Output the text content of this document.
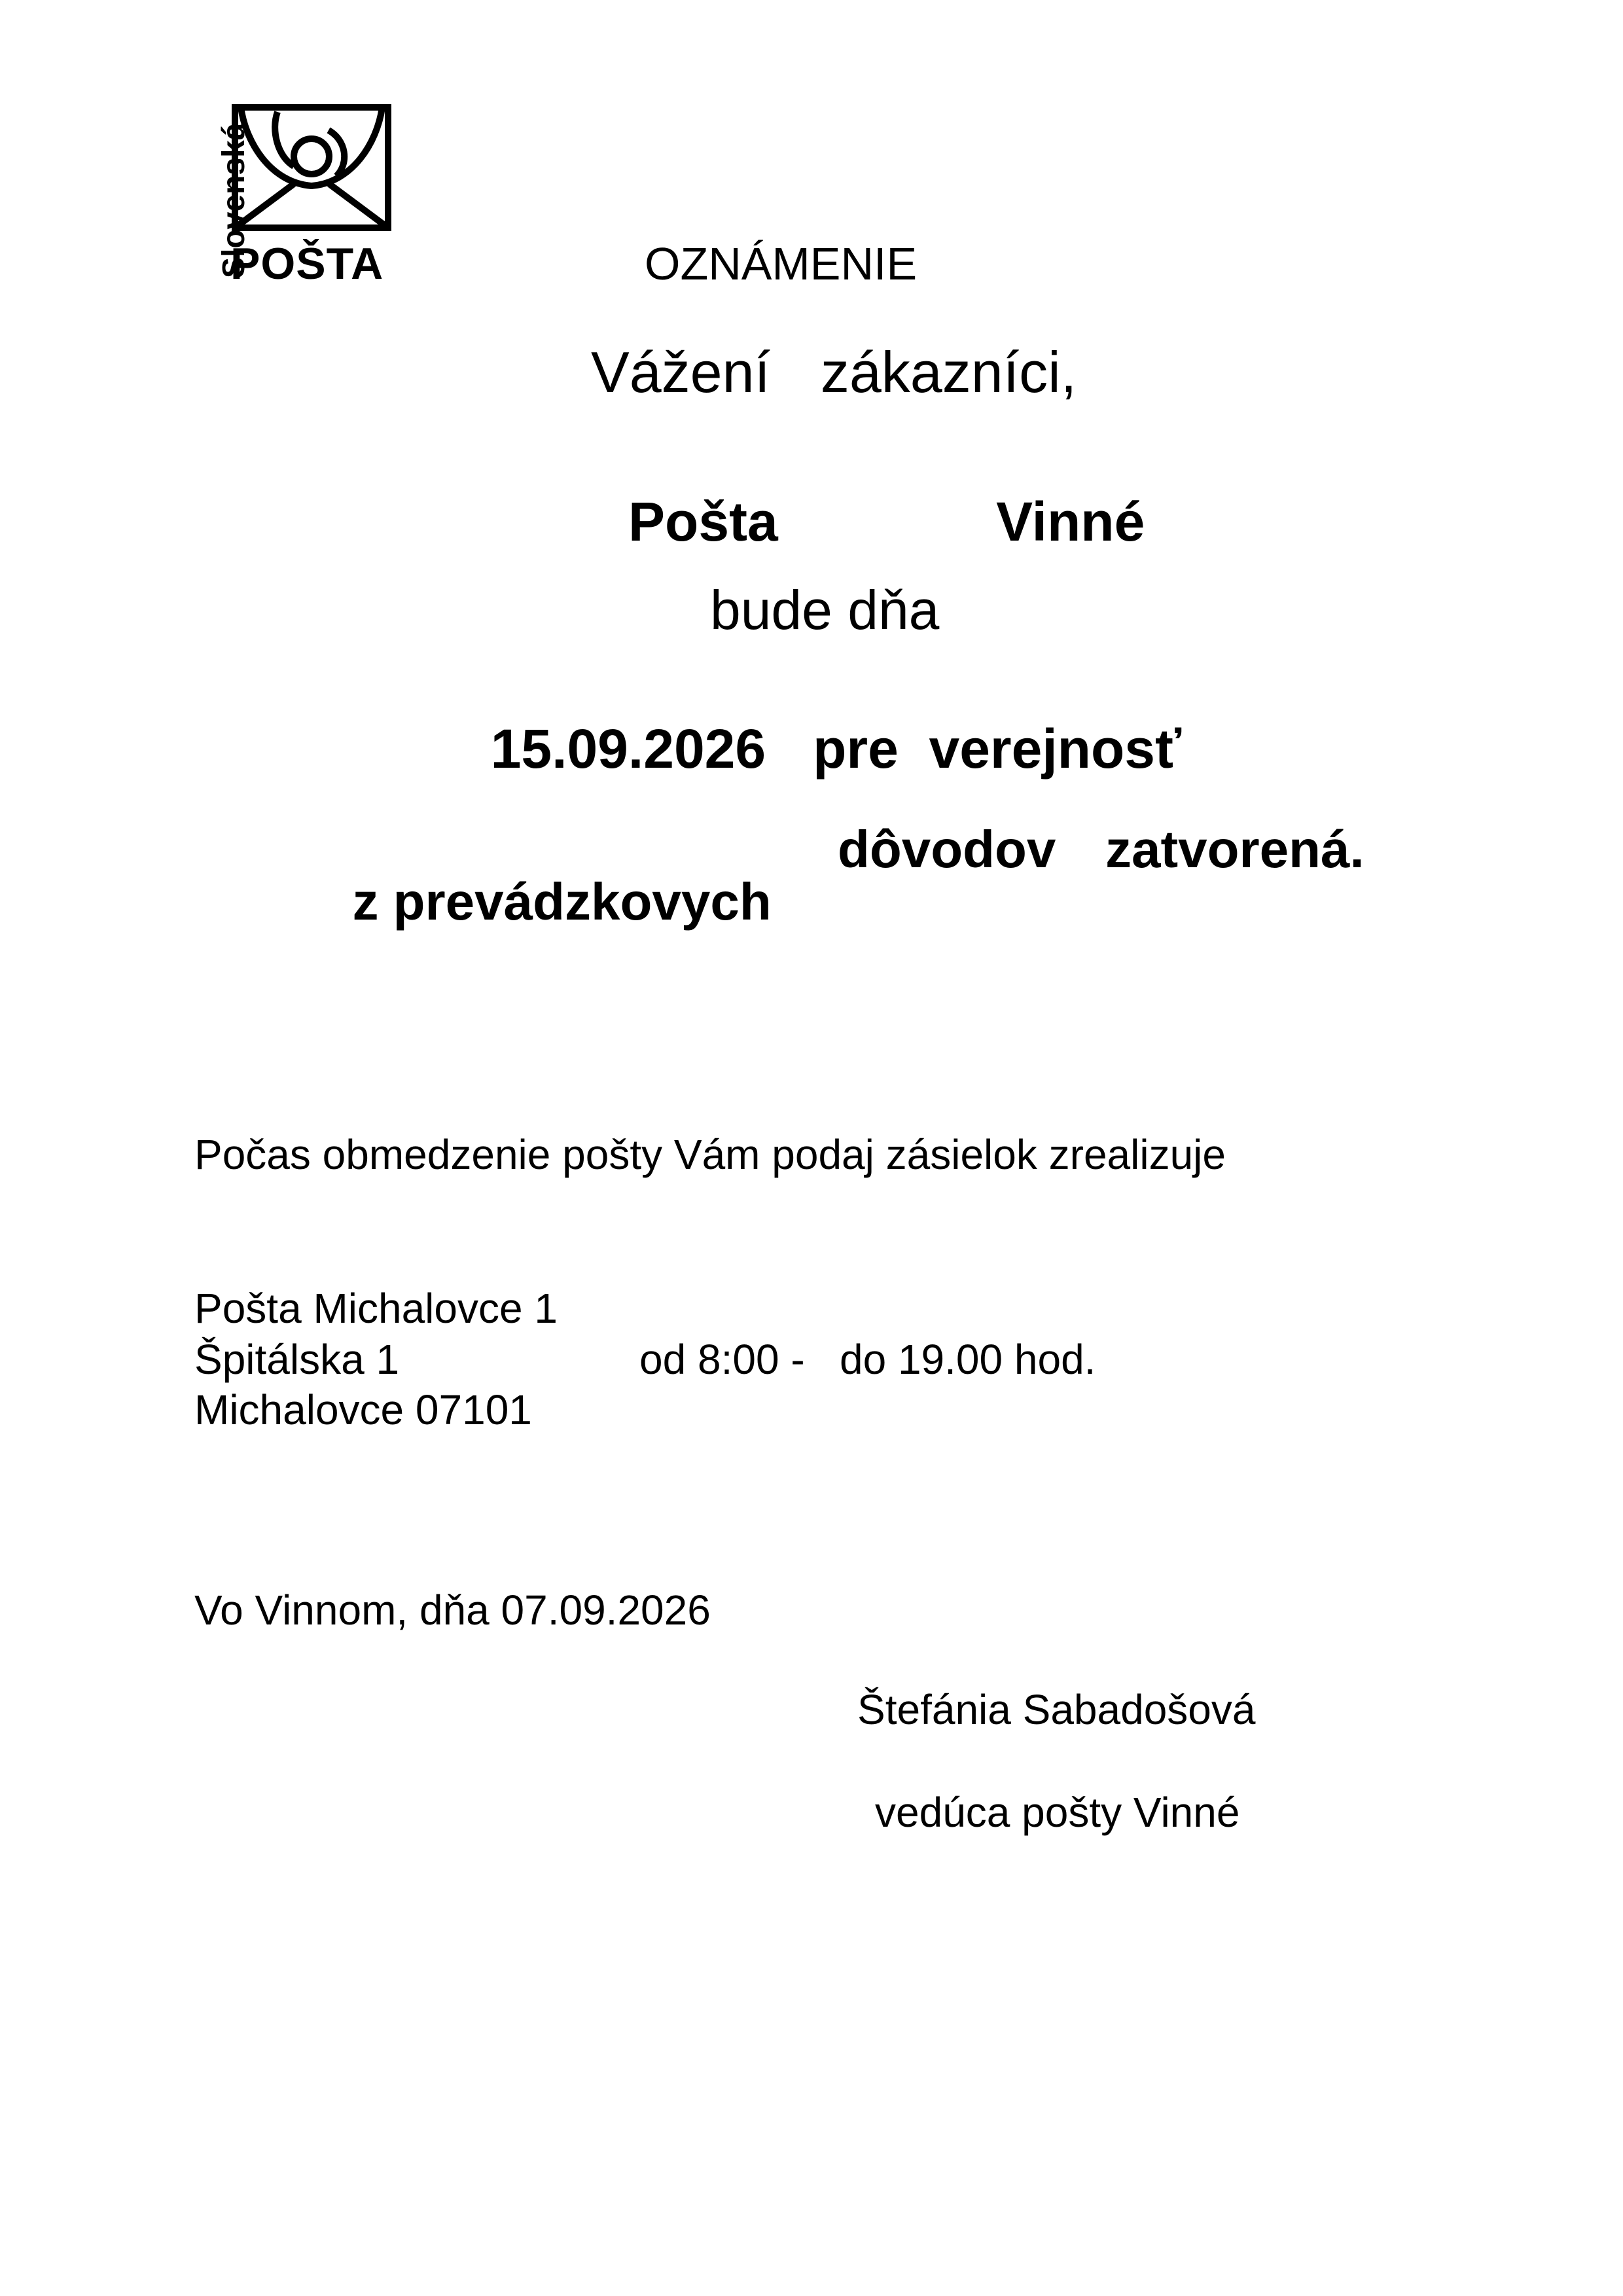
Slovenská
POŠTA	OZNÁMENIE
Vážení  zákazníci,
Pošta    Vinné
bude dňa

15.09.2026 pre  verejnosť

z prevádzkovych

dôvodov

zatvorená.

Počas obmedzenie pošty Vám podaj zásielok zrealizuje
Pošta Michalovce 1
Špitálska 1
Michalovce 07101
od 8:00 -   do 19.00 hod.
Vo Vinnom, dňa 07.09.2026
Štefánia Sabadošová
vedúca pošty Vinné
